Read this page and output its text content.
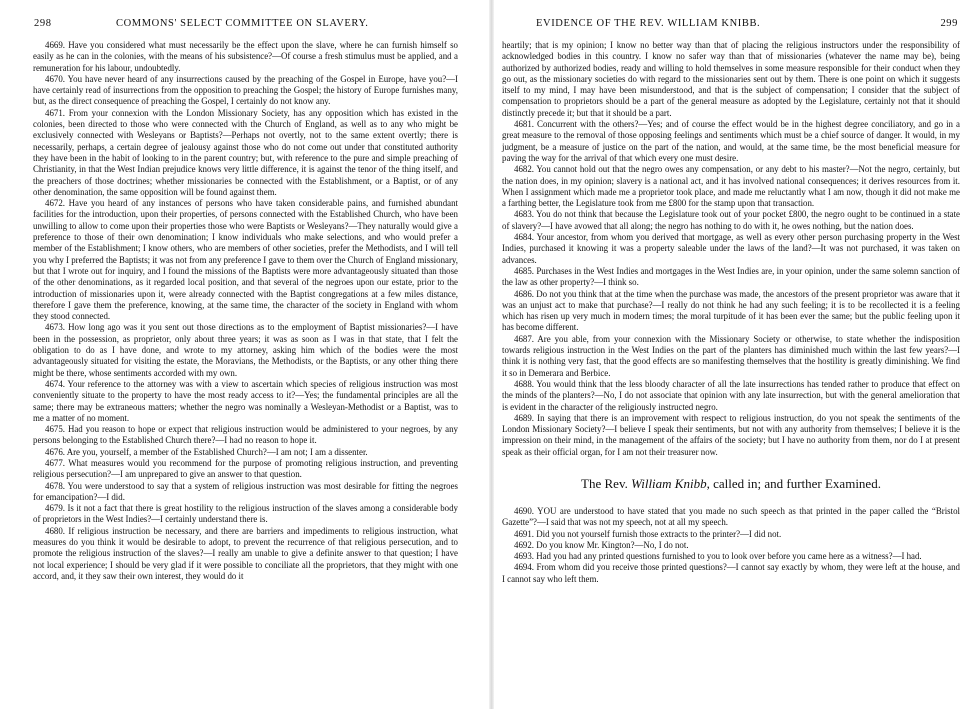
298	COMMONS' SELECT COMMITTEE ON SLAVERY.

4669. Have you considered what must necessarily be the effect upon the slave, where he can furnish himself so easily as he can in the colonies, with the means of his subsistence?—Of course a fresh stimulus must be applied, and a remuneration for his labour, undoubtedly.

4670. You have never heard of any insurrections caused by the preaching of the Gospel in Europe, have you?—I have certainly read of insurrections from the opposition to preaching the Gospel; the history of Europe furnishes many, but, as the direct consequence of preaching the Gospel, I certainly do not know any.

4671. From your connexion with the London Missionary Society, has any opposition which has existed in the colonies, been directed to those who were connected with the Church of England, as well as to any who might be exclusively connected with Wesleyans or Baptists?—Perhaps not overtly, not to the same extent overtly; there is necessarily, perhaps, a certain degree of jealousy against those who do not come out under that constituted authority they have been in the habit of looking to in the parent country; but, with reference to the pure and simple preaching of Christianity, in that the West Indian prejudice knows very little difference, it is against the tenor of the thing itself, and the preachers of those doctrines; whether missionaries be connected with the Establishment, or a Baptist, or of any other denomination, the same opposition will be found against them.

4672. Have you heard of any instances of persons who have taken considerable pains, and furnished abundant facilities for the introduction, upon their properties, of persons connected with the Established Church, who have been unwilling to allow to come upon their properties those who were Baptists or Wesleyans?—They naturally would give a preference to those of their own denomination; I know individuals who make selections, and who would prefer a member of the Establishment; I know others, who are members of other societies, prefer the Methodists, and I will tell you why I preferred the Baptists; it was not from any preference I gave to them over the Church of England missionary, but that I wrote out for inquiry, and I found the missions of the Baptists were more advantageously situated than those of the other denominations, as it regarded local position, and that several of the negroes upon our estate, prior to the introduction of missionaries upon it, were already connected with the Baptist congregations at a few miles distance, therefore I gave them the preference, knowing, at the same time, the character of the society in England with whom they stood connected.

4673. How long ago was it you sent out those directions as to the employment of Baptist missionaries?—I have been in the possession, as proprietor, only about three years; it was as soon as I was in that state, that I felt the obligation to do as I have done, and wrote to my attorney, asking him which of the bodies were the most advantageously situated for visiting the estate, the Moravians, the Methodists, or the Baptists, or any other thing there might be there, whose sentiments accorded with my own.

4674. Your reference to the attorney was with a view to ascertain which species of religious instruction was most conveniently situate to the property to have the most ready access to it?—Yes; the fundamental principles are all the same; there may be extraneous matters; whether the negro was nominally a Wesleyan-Methodist or a Baptist, was to me a matter of no moment.

4675. Had you reason to hope or expect that religious instruction would be administered to your negroes, by any persons belonging to the Established Church there?—I had no reason to hope it.

4676. Are you, yourself, a member of the Established Church?—I am not; I am a dissenter.

4677. What measures would you recommend for the purpose of promoting religious instruction, and preventing religious persecution?—I am unprepared to give an answer to that question.

4678. You were understood to say that a system of religious instruction was most desirable for fitting the negroes for emancipation?—I did.

4679. Is it not a fact that there is great hostility to the religious instruction of the slaves among a considerable body of proprietors in the West Indies?—I certainly understand there is.

4680. If religious instruction be necessary, and there are barriers and impediments to religious instruction, what measures do you think it would be desirable to adopt, to prevent the recurrence of that religious persecution, and to promote the religious instruction of the slaves?—I really am unable to give a definite answer to that question; I have not local experience; I should be very glad if it were possible to conciliate all the proprietors, that they might with one accord, and, it they saw their own interest, they would do it

EVIDENCE OF THE REV. WILLIAM KNIBB.	299

heartily; that is my opinion; I know no better way than that of placing the religious instructors under the responsibility of acknowledged bodies in this country. I know no safer way than that of missionaries (whatever the name may be), being authorized by authorized bodies, ready and willing to hold themselves in some measure responsible for their conduct when they go out, as the missionary societies do with regard to the missionaries sent out by them. There is one point on which it suggests itself to my mind, I may have been misunderstood, and that is the subject of compensation; I consider that the subject of compensation to proprietors should be a part of the general measure as adopted by the Legislature, certainly not that it should distinctly precede it; but that it should be a part.

4681. Concurrent with the others?—Yes; and of course the effect would be in the highest degree conciliatory, and go in a great measure to the removal of those opposing feelings and sentiments which must be a chief source of danger. It would, in my judgment, be a measure of justice on the part of the nation, and would, at the same time, be the most beneficial measure for paving the way for the arrival of that which every one must desire.

4682. You cannot hold out that the negro owes any compensation, or any debt to his master?—Not the negro, certainly, but the nation does, in my opinion; slavery is a national act, and it has involved national consequences; it derives resources from it. When I assignment which made me a proprietor took place, and made me reluctantly what I am now, though it did not make me a farthing better, the Legislature took from me £800 for the stamp upon that transaction.

4683. You do not think that because the Legislature took out of your pocket £800, the negro ought to be continued in a state of slavery?—I have avowed that all along; the negro has nothing to do with it, he owes nothing, but the nation does.

4684. Your ancestor, from whom you derived that mortgage, as well as every other person purchasing property in the West Indies, purchased it knowing it was a property saleable under the laws of the land?—It was not purchased, it was taken on advances.

4685. Purchases in the West Indies and mortgages in the West Indies are, in your opinion, under the same solemn sanction of the law as other property?—I think so.

4686. Do not you think that at the time when the purchase was made, the ancestors of the present proprietor was aware that it was an unjust act to make that purchase?—I really do not think he had any such feeling; it is to be recollected it is a feeling which has risen up very much in modern times; the moral turpitude of it has been ever the same; but the public feeling upon it has become different.

4687. Are you able, from your connexion with the Missionary Society or otherwise, to state whether the indisposition towards religious instruction in the West Indies on the part of the planters has diminished much within the last few years?—I think it is nothing very fast, that the good effects are so manifesting themselves that the hostility is greatly diminishing. We find it so in Demerara and Berbice.

4688. You would think that the less bloody character of all the late insurrections has tended rather to produce that effect on the minds of the planters?—No, I do not associate that opinion with any late insurrection, but with the general amelioration that is evident in the character of the religiously instructed negro.

4689. In saying that there is an improvement with respect to religious instruction, do you not speak the sentiments of the London Missionary Society?—I believe I speak their sentiments, but not with any authority from themselves; I believe it is the impression on their mind, in the management of the affairs of the society; but I have no authority from them, nor do I at present speak as their official organ, for I am not their treasurer now.

The Rev. William Knibb, called in; and further Examined.

4690. YOU are understood to have stated that you made no such speech as that printed in the paper called the “Bristol Gazette”?—I said that was not my speech, not at all my speech.

4691. Did you not yourself furnish those extracts to the printer?—I did not.

4692. Do you know Mr. Kington?—No, I do not.

4693. Had you had any printed questions furnished to you to look over before you came here as a witness?—I had.

4694. From whom did you receive those printed questions?—I cannot say exactly by whom, they were left at the house, and I cannot say who left them.
